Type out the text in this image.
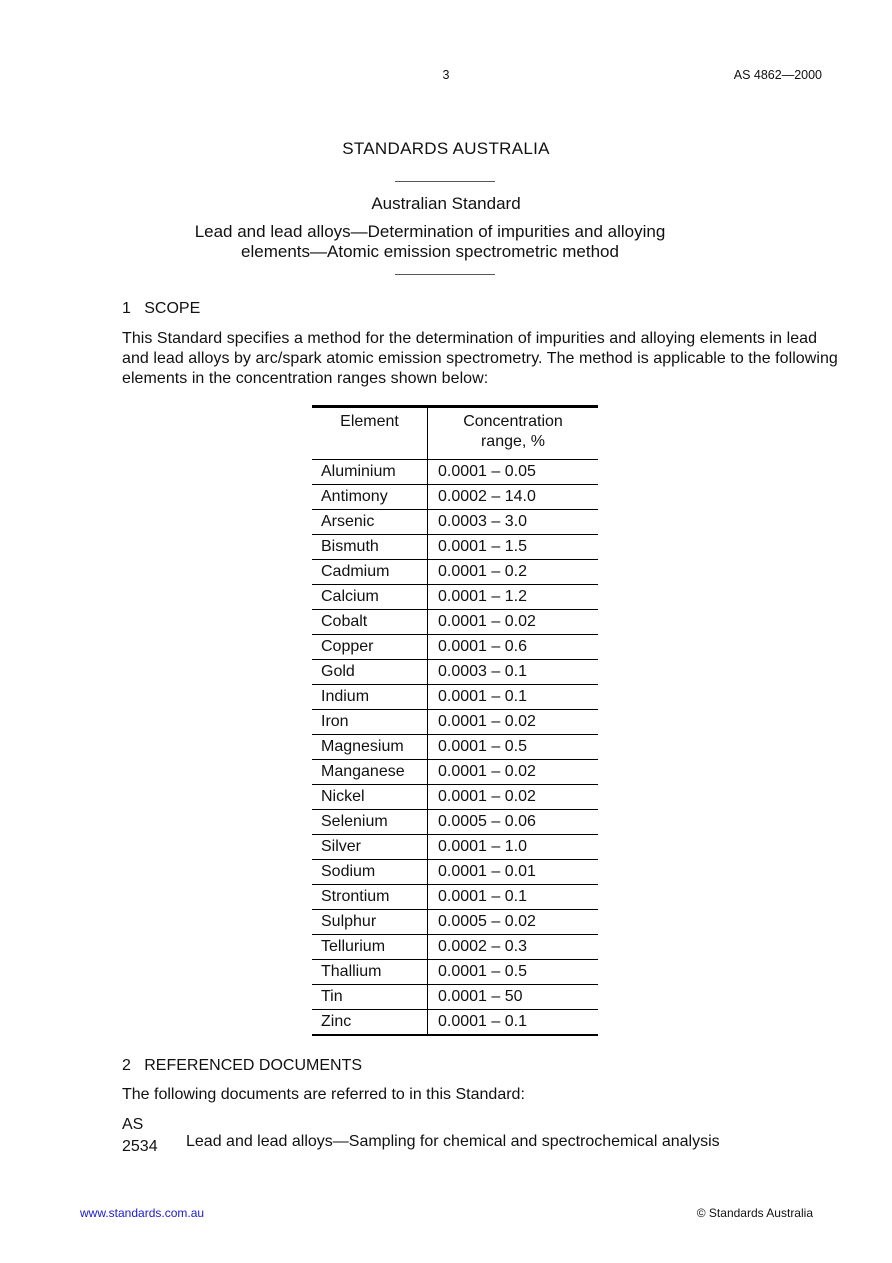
3	AS 4862—2000
STANDARDS AUSTRALIA
Australian Standard
Lead and lead alloys—Determination of impurities and alloying
elements—Atomic emission spectrometric method
1   SCOPE
This Standard specifies a method for the determination of impurities and alloying elements in lead and lead alloys by arc/spark atomic emission spectrometry. The method is applicable to the following elements in the concentration ranges shown below:
Element	Concentration range, %

Aluminium	0.0001 – 0.05
Antimony	0.0002 – 14.0
Arsenic	0.0003 – 3.0
Bismuth	0.0001 – 1.5
Cadmium	0.0001 – 0.2
Calcium	0.0001 – 1.2
Cobalt	0.0001 – 0.02
Copper	0.0001 – 0.6
Gold	0.0003 – 0.1
Indium	0.0001 – 0.1
Iron	0.0001 – 0.02
Magnesium	0.0001 – 0.5
Manganese	0.0001 – 0.02
Nickel	0.0001 – 0.02
Selenium	0.0005 – 0.06
Silver	0.0001 – 1.0
Sodium	0.0001 – 0.01
Strontium	0.0001 – 0.1
Sulphur	0.0005 – 0.02
Tellurium	0.0002 – 0.3
Thallium	0.0001 – 0.5
Tin	0.0001 – 50
Zinc	0.0001 – 0.1
2   REFERENCED DOCUMENTS
The following documents are referred to in this Standard:
AS
2534 Lead and lead alloys—Sampling for chemical and spectrochemical analysis
www.standards.com.au	© Standards Australia
